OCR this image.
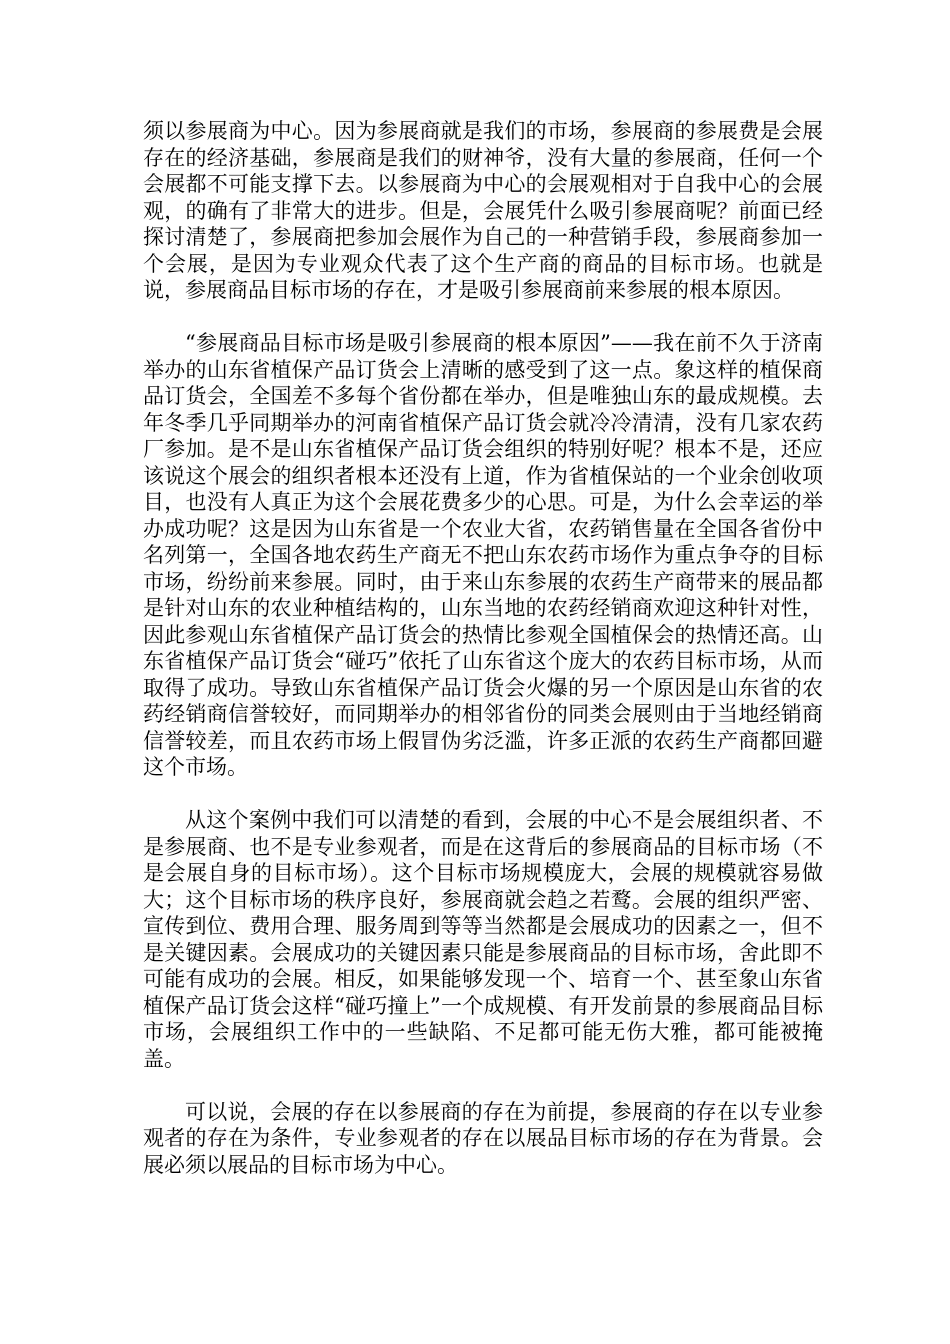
须以参展商为中心。因为参展商就是我们的市场，参展商的参展费是会展存在的经济基础，参展商是我们的财神爷，没有大量的参展商，任何一个会展都不可能支撑下去。以参展商为中心的会展观相对于自我中心的会展观，的确有了非常大的进步。但是，会展凭什么吸引参展商呢？前面已经探讨清楚了，参展商把参加会展作为自己的一种营销手段，参展商参加一个会展，是因为专业观众代表了这个生产商的商品的目标市场。也就是说，参展商品目标市场的存在，才是吸引参展商前来参展的根本原因。

“参展商品目标市场是吸引参展商的根本原因”——我在前不久于济南举办的山东省植保产品订货会上清晰的感受到了这一点。象这样的植保商品订货会，全国差不多每个省份都在举办，但是唯独山东的最成规模。去年冬季几乎同期举办的河南省植保产品订货会就冷冷清清，没有几家农药厂参加。是不是山东省植保产品订货会组织的特别好呢？根本不是，还应该说这个展会的组织者根本还没有上道，作为省植保站的一个业余创收项目，也没有人真正为这个会展花费多少的心思。可是，为什么会幸运的举办成功呢？这是因为山东省是一个农业大省，农药销售量在全国各省份中名列第一，全国各地农药生产商无不把山东农药市场作为重点争夺的目标市场，纷纷前来参展。同时，由于来山东参展的农药生产商带来的展品都是针对山东的农业种植结构的，山东当地的农药经销商欢迎这种针对性，因此参观山东省植保产品订货会的热情比参观全国植保会的热情还高。山东省植保产品订货会“碰巧”依托了山东省这个庞大的农药目标市场，从而取得了成功。导致山东省植保产品订货会火爆的另一个原因是山东省的农药经销商信誉较好，而同期举办的相邻省份的同类会展则由于当地经销商信誉较差，而且农药市场上假冒伪劣泛滥，许多正派的农药生产商都回避这个市场。

从这个案例中我们可以清楚的看到，会展的中心不是会展组织者、不是参展商、也不是专业参观者，而是在这背后的参展商品的目标市场（不是会展自身的目标市场）。这个目标市场规模庞大，会展的规模就容易做大；这个目标市场的秩序良好，参展商就会趋之若鹜。会展的组织严密、宣传到位、费用合理、服务周到等等当然都是会展成功的因素之一，但不是关键因素。会展成功的关键因素只能是参展商品的目标市场，舍此即不可能有成功的会展。相反，如果能够发现一个、培育一个、甚至象山东省植保产品订货会这样“碰巧撞上”一个成规模、有开发前景的参展商品目标市场，会展组织工作中的一些缺陷、不足都可能无伤大雅，都可能被掩盖。

可以说，会展的存在以参展商的存在为前提，参展商的存在以专业参观者的存在为条件，专业参观者的存在以展品目标市场的存在为背景。会展必须以展品的目标市场为中心。
